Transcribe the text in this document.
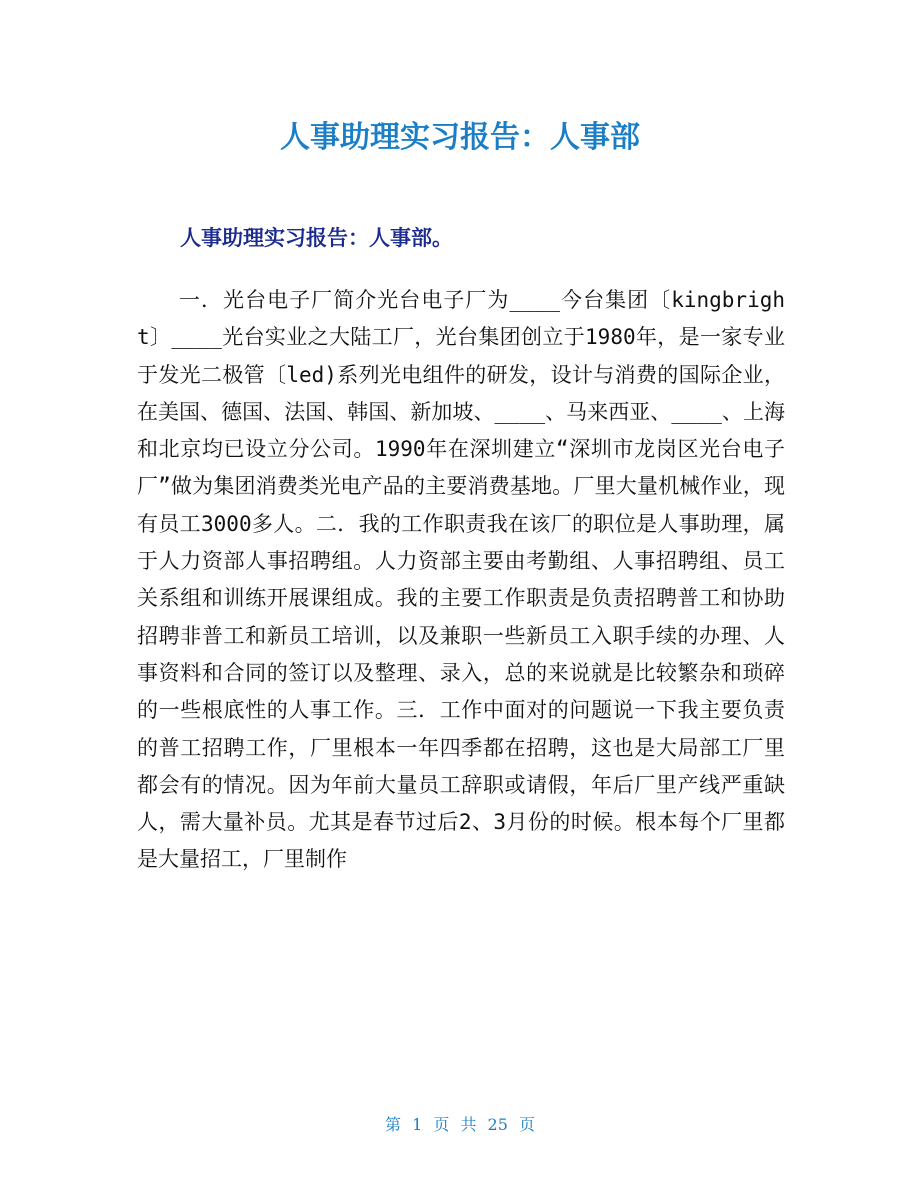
人事助理实习报告：人事部
人事助理实习报告：人事部。

一．光台电子厂简介光台电子厂为____今台集团〔kingbright〕____光台实业之大陆工厂，光台集团创立于1980年，是一家专业于发光二极管〔led)系列光电组件的研发，设计与消费的国际企业，在美国、德国、法国、韩国、新加坡、____、马来西亚、____、上海和北京均已设立分公司。1990年在深圳建立“深圳市龙岗区光台电子厂”做为集团消费类光电产品的主要消费基地。厂里大量机械作业，现有员工3000多人。二．我的工作职责我在该厂的职位是人事助理，属于人力资部人事招聘组。人力资部主要由考勤组、人事招聘组、员工关系组和训练开展课组成。我的主要工作职责是负责招聘普工和协助招聘非普工和新员工培训，以及兼职一些新员工入职手续的办理、人事资料和合同的签订以及整理、录入，总的来说就是比较繁杂和琐碎的一些根底性的人事工作。三．工作中面对的问题说一下我主要负责的普工招聘工作，厂里根本一年四季都在招聘，这也是大局部工厂里都会有的情况。因为年前大量员工辞职或请假，年后厂里产线严重缺人，需大量补员。尤其是春节过后2、3月份的时候。根本每个厂里都是大量招工，厂里制作

第 1 页 共 25 页
